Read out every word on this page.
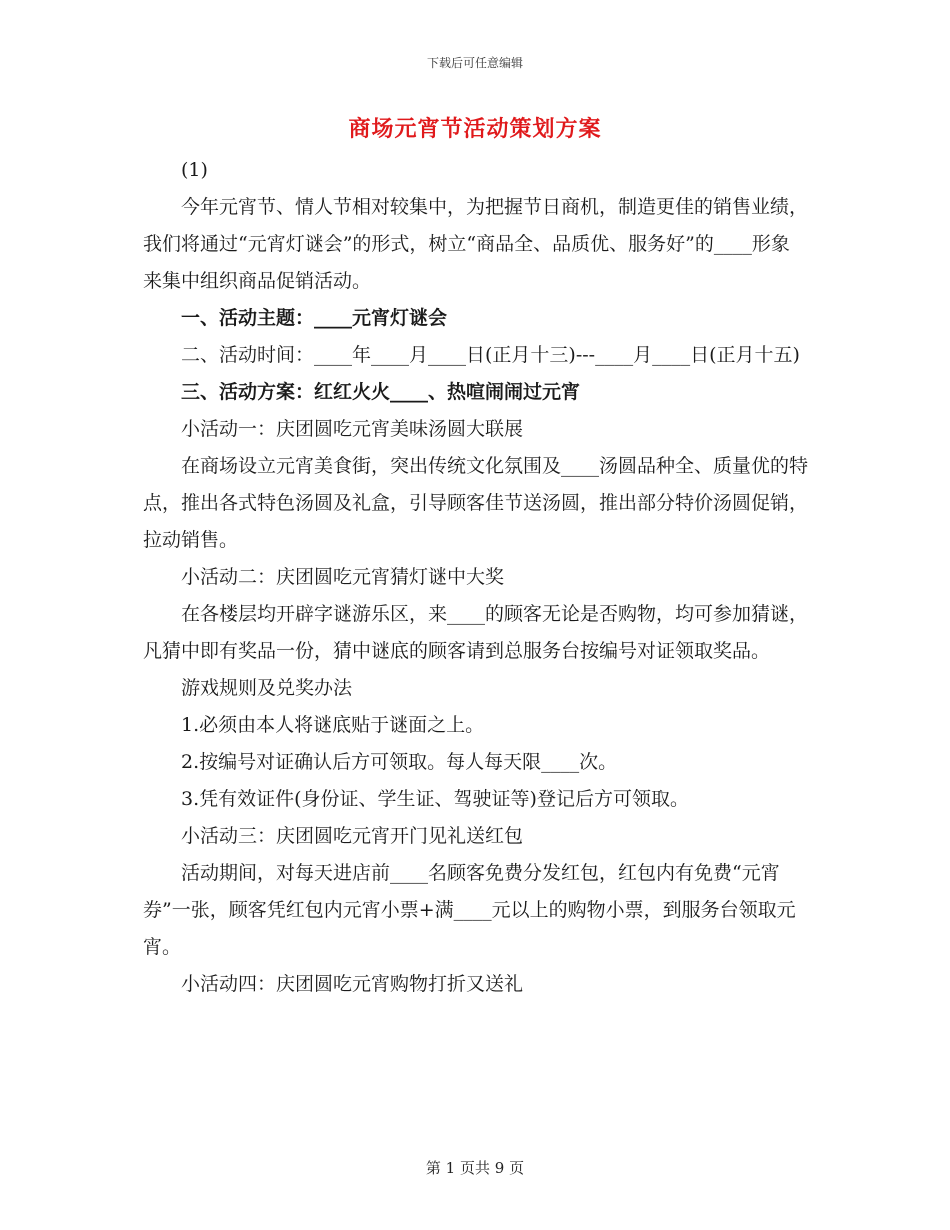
下载后可任意编辑
商场元宵节活动策划方案

(1)

今年元宵节、情人节相对较集中，为把握节日商机，制造更佳的销售业绩，我们将通过“元宵灯谜会”的形式，树立“商品全、品质优、服务好”的____形象来集中组织商品促销活动。

一、活动主题：____元宵灯谜会

二、活动时间：____年____月____日(正月十三)---____月____日(正月十五)

三、活动方案：红红火火____、热喧闹闹过元宵

小活动一：庆团圆吃元宵美味汤圆大联展

在商场设立元宵美食街，突出传统文化氛围及____汤圆品种全、质量优的特点，推出各式特色汤圆及礼盒，引导顾客佳节送汤圆，推出部分特价汤圆促销，拉动销售。

小活动二：庆团圆吃元宵猜灯谜中大奖

在各楼层均开辟字谜游乐区，来____的顾客无论是否购物，均可参加猜谜，凡猜中即有奖品一份，猜中谜底的顾客请到总服务台按编号对证领取奖品。

游戏规则及兑奖办法

1.必须由本人将谜底贴于谜面之上。

2.按编号对证确认后方可领取。每人每天限____次。

3.凭有效证件(身份证、学生证、驾驶证等)登记后方可领取。

小活动三：庆团圆吃元宵开门见礼送红包

活动期间，对每天进店前____名顾客免费分发红包，红包内有免费“元宵券”一张，顾客凭红包内元宵小票+满____元以上的购物小票，到服务台领取元宵。

小活动四：庆团圆吃元宵购物打折又送礼

第 1 页共 9 页
